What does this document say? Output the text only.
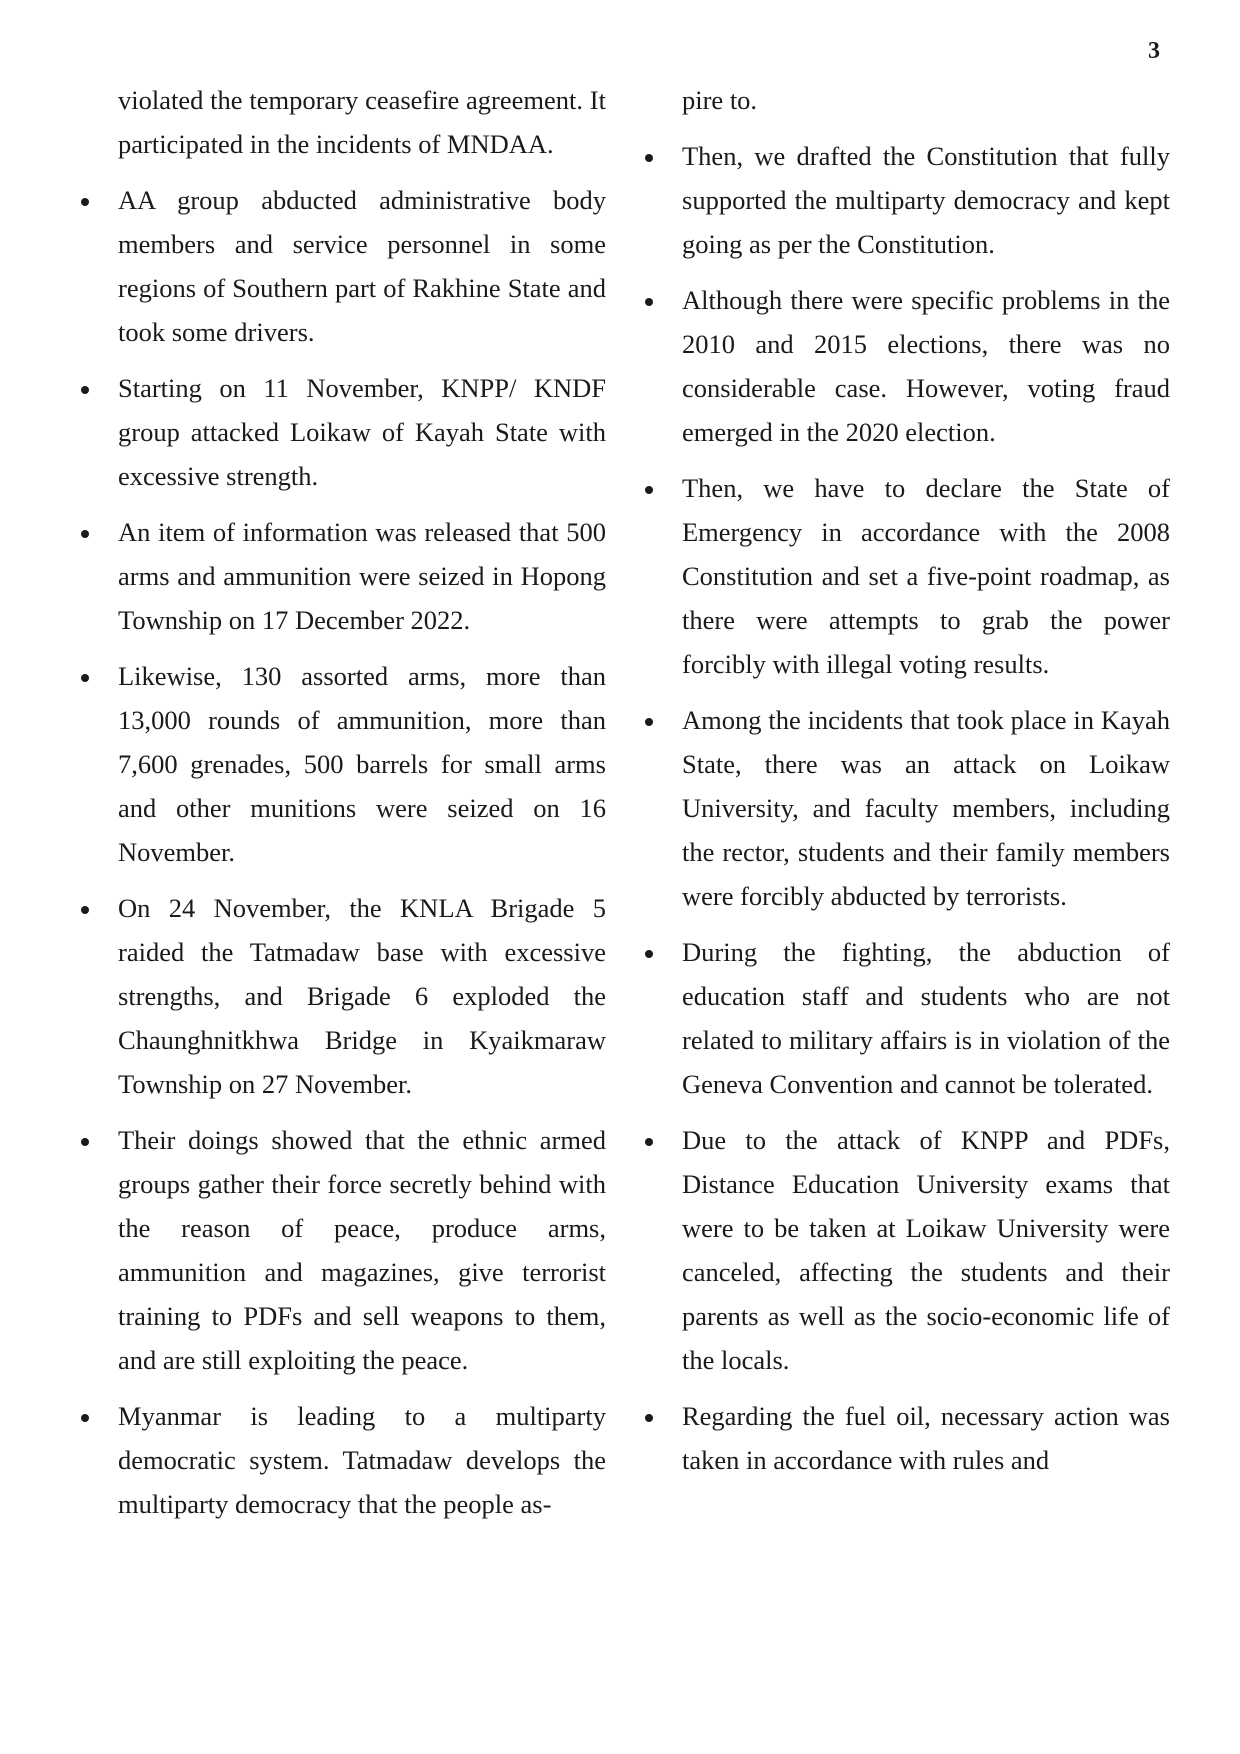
3

violated the temporary ceasefire agreement. It participated in the incidents of MNDAA.

AA group abducted administrative body members and service personnel in some regions of Southern part of Rakhine State and took some drivers.
Starting on 11 November, KNPP/ KNDF group attacked Loikaw of Kayah State with excessive strength.
An item of information was released that 500 arms and ammunition were seized in Hopong Township on 17 December 2022.
Likewise, 130 assorted arms, more than 13,000 rounds of ammunition, more than 7,600 grenades, 500 barrels for small arms and other munitions were seized on 16 November.
On 24 November, the KNLA Brigade 5 raided the Tatmadaw base with excessive strengths, and Brigade 6 exploded the Chaunghnitkhwa Bridge in Kyaikmaraw Township on 27 November.
Their doings showed that the ethnic armed groups gather their force secretly behind with the reason of peace, produce arms, ammunition and magazines, give terrorist training to PDFs and sell weapons to them, and are still exploiting the peace.
Myanmar is leading to a multiparty democratic system. Tatmadaw develops the multiparty democracy that the people as-

pire to.

Then, we drafted the Constitution that fully supported the multiparty democracy and kept going as per the Constitution.
Although there were specific problems in the 2010 and 2015 elections, there was no considerable case. However, voting fraud emerged in the 2020 election.
Then, we have to declare the State of Emergency in accordance with the 2008 Constitution and set a five-point roadmap, as there were attempts to grab the power forcibly with illegal voting results.
Among the incidents that took place in Kayah State, there was an attack on Loikaw University, and faculty members, including the rector, students and their family members were forcibly abducted by terrorists.
During the fighting, the abduction of education staff and students who are not related to military affairs is in violation of the Geneva Convention and cannot be tolerated.
Due to the attack of KNPP and PDFs, Distance Education University exams that were to be taken at Loikaw University were canceled, affecting the students and their parents as well as the socio-economic life of the locals.
Regarding the fuel oil, necessary action was taken in accordance with rules and
